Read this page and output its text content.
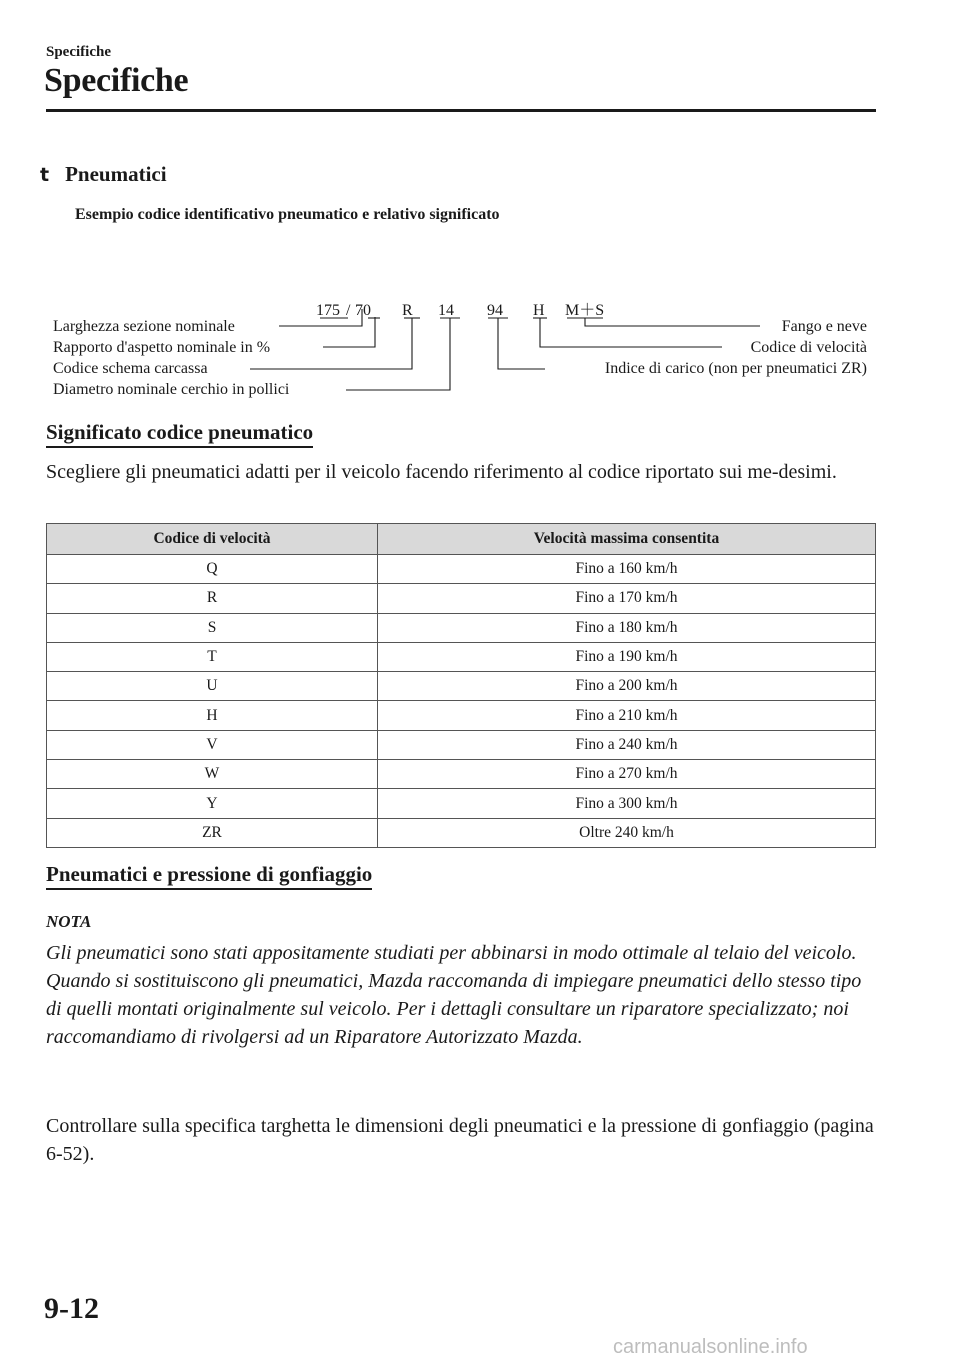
Specifiche
Specifiche
t Pneumatici
Esempio codice identificativo pneumatico e relativo significato
175 / 70 R 14 94 H M＋S
Larghezza sezione nominale
Rapporto d'aspetto nominale in %
Codice schema carcassa
Diametro nominale cerchio in pollici
Fango e neve
Codice di velocità
Indice di carico (non per pneumatici ZR)
Significato codice pneumatico
Scegliere gli pneumatici adatti per il veicolo facendo riferimento al codice riportato sui me-desimi.
Codice di velocità	Velocità massima consentita
Q	Fino a 160 km/h
R	Fino a 170 km/h
S	Fino a 180 km/h
T	Fino a 190 km/h
U	Fino a 200 km/h
H	Fino a 210 km/h
V	Fino a 240 km/h
W	Fino a 270 km/h
Y	Fino a 300 km/h
ZR	Oltre 240 km/h
Pneumatici e pressione di gonfiaggio
NOTA

Gli pneumatici sono stati appositamente studiati per abbinarsi in modo ottimale al telaio del veicolo.

Quando si sostituiscono gli pneumatici, Mazda raccomanda di impiegare pneumatici dello stesso tipo di quelli montati originalmente sul veicolo. Per i dettagli consultare un riparatore specializzato; noi raccomandiamo di rivolgersi ad un Riparatore Autorizzato Mazda.

Controllare sulla specifica targhetta le dimensioni degli pneumatici e la pressione di gonfiaggio (pagina 6-52).
9-12
carmanualsonline.info
